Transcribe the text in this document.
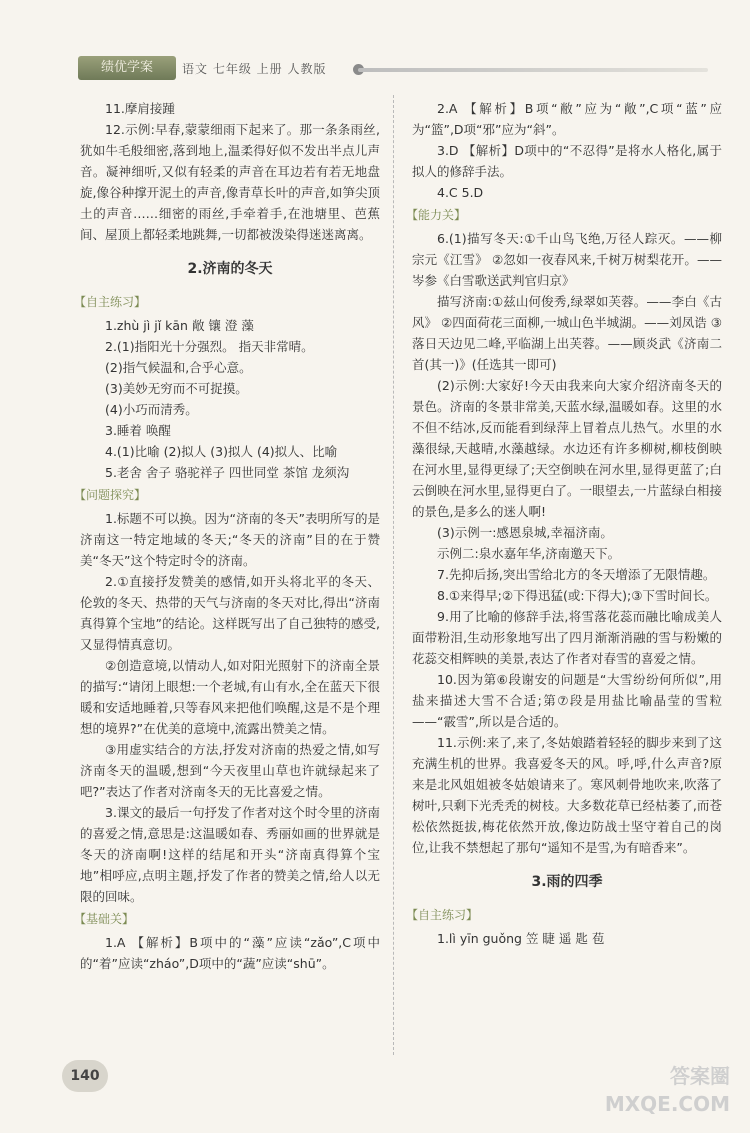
绩优学案	语文 七年级 上册 人教版

11.摩肩接踵

12.示例:早春,蒙蒙细雨下起来了。那一条条雨丝,犹如牛毛般细密,落到地上,温柔得好似不发出半点儿声音。凝神细听,又似有轻柔的声音在耳边若有若无地盘旋,像谷种撑开泥土的声音,像青草长叶的声音,如笋尖顶土的声音……细密的雨丝,手牵着手,在池塘里、芭蕉间、屋顶上都轻柔地跳舞,一切都被泼染得迷迷离离。

2.济南的冬天

【自主练习】

1.zhù jì jǐ kān 敞 镶 澄 藻

2.(1)指阳光十分强烈。 指天非常晴。

(2)指气候温和,合乎心意。

(3)美妙无穷而不可捉摸。

(4)小巧而清秀。

3.睡着 唤醒

4.(1)比喻 (2)拟人 (3)拟人 (4)拟人、比喻

5.老舍 舍子 骆驼祥子 四世同堂 茶馆 龙须沟

【问题探究】

1.标题不可以换。因为“济南的冬天”表明所写的是济南这一特定地域的冬天;“冬天的济南”目的在于赞美“冬天”这个特定时令的济南。

2.①直接抒发赞美的感情,如开头将北平的冬天、伦敦的冬天、热带的天气与济南的冬天对比,得出“济南真得算个宝地”的结论。这样既写出了自己独特的感受,又显得情真意切。

②创造意境,以情动人,如对阳光照射下的济南全景的描写:“请闭上眼想:一个老城,有山有水,全在蓝天下很暖和安适地睡着,只等春风来把他们唤醒,这是不是个理想的境界?”在优美的意境中,流露出赞美之情。

③用虚实结合的方法,抒发对济南的热爱之情,如写济南冬天的温暖,想到“今天夜里山草也许就绿起来了吧?”表达了作者对济南冬天的无比喜爱之情。

3.课文的最后一句抒发了作者对这个时令里的济南的喜爱之情,意思是:这温暖如春、秀丽如画的世界就是冬天的济南啊!这样的结尾和开头“济南真得算个宝地”相呼应,点明主题,抒发了作者的赞美之情,给人以无限的回味。

【基础关】

1.A 【解析】B项中的“藻”应读“zǎo”,C项中的“着”应读“zháo”,D项中的“蔬”应读“shū”。

2.A 【解析】B项“敝”应为“敞”,C项“蓝”应为“篮”,D项“邪”应为“斜”。

3.D 【解析】D项中的“不忍得”是将水人格化,属于拟人的修辞手法。

4.C 5.D

【能力关】

6.(1)描写冬天:①千山鸟飞绝,万径人踪灭。——柳宗元《江雪》 ②忽如一夜春风来,千树万树梨花开。——岑参《白雪歌送武判官归京》

描写济南:①兹山何俊秀,绿翠如芙蓉。——李白《古风》 ②四面荷花三面柳,一城山色半城湖。——刘凤诰 ③落日天边见二峰,平临湖上出芙蓉。——顾炎武《济南二首(其一)》(任选其一即可)

(2)示例:大家好!今天由我来向大家介绍济南冬天的景色。济南的冬景非常美,天蓝水绿,温暖如春。这里的水不但不结冰,反而能看到绿萍上冒着点儿热气。水里的水藻很绿,天越晴,水藻越绿。水边还有许多柳树,柳枝倒映在河水里,显得更绿了;天空倒映在河水里,显得更蓝了;白云倒映在河水里,显得更白了。一眼望去,一片蓝绿白相接的景色,是多么的迷人啊!

(3)示例一:感恩泉城,幸福济南。

示例二:泉水嘉年华,济南邀天下。

7.先抑后扬,突出雪给北方的冬天增添了无限情趣。

8.①来得早;②下得迅猛(或:下得大);③下雪时间长。

9.用了比喻的修辞手法,将雪落花蕊而融比喻成美人面带粉泪,生动形象地写出了四月渐渐消融的雪与粉嫩的花蕊交相辉映的美景,表达了作者对春雪的喜爱之情。

10.因为第⑥段谢安的问题是“大雪纷纷何所似”,用盐来描述大雪不合适;第⑦段是用盐比喻晶莹的雪粒——“霰雪”,所以是合适的。

11.示例:来了,来了,冬姑娘踏着轻轻的脚步来到了这充满生机的世界。我喜爱冬天的风。呼,呼,什么声音?原来是北风姐姐被冬姑娘请来了。寒风刺骨地吹来,吹落了树叶,只剩下光秃秃的树枝。大多数花草已经枯萎了,而苍松依然挺拔,梅花依然开放,像边防战士坚守着自己的岗位,让我不禁想起了那句“遥知不是雪,为有暗香来”。

3.雨的四季

【自主练习】

1.lì yīn guǒng 笠 睫 遥 匙 苞

140	答案圈 MXQE.COM
